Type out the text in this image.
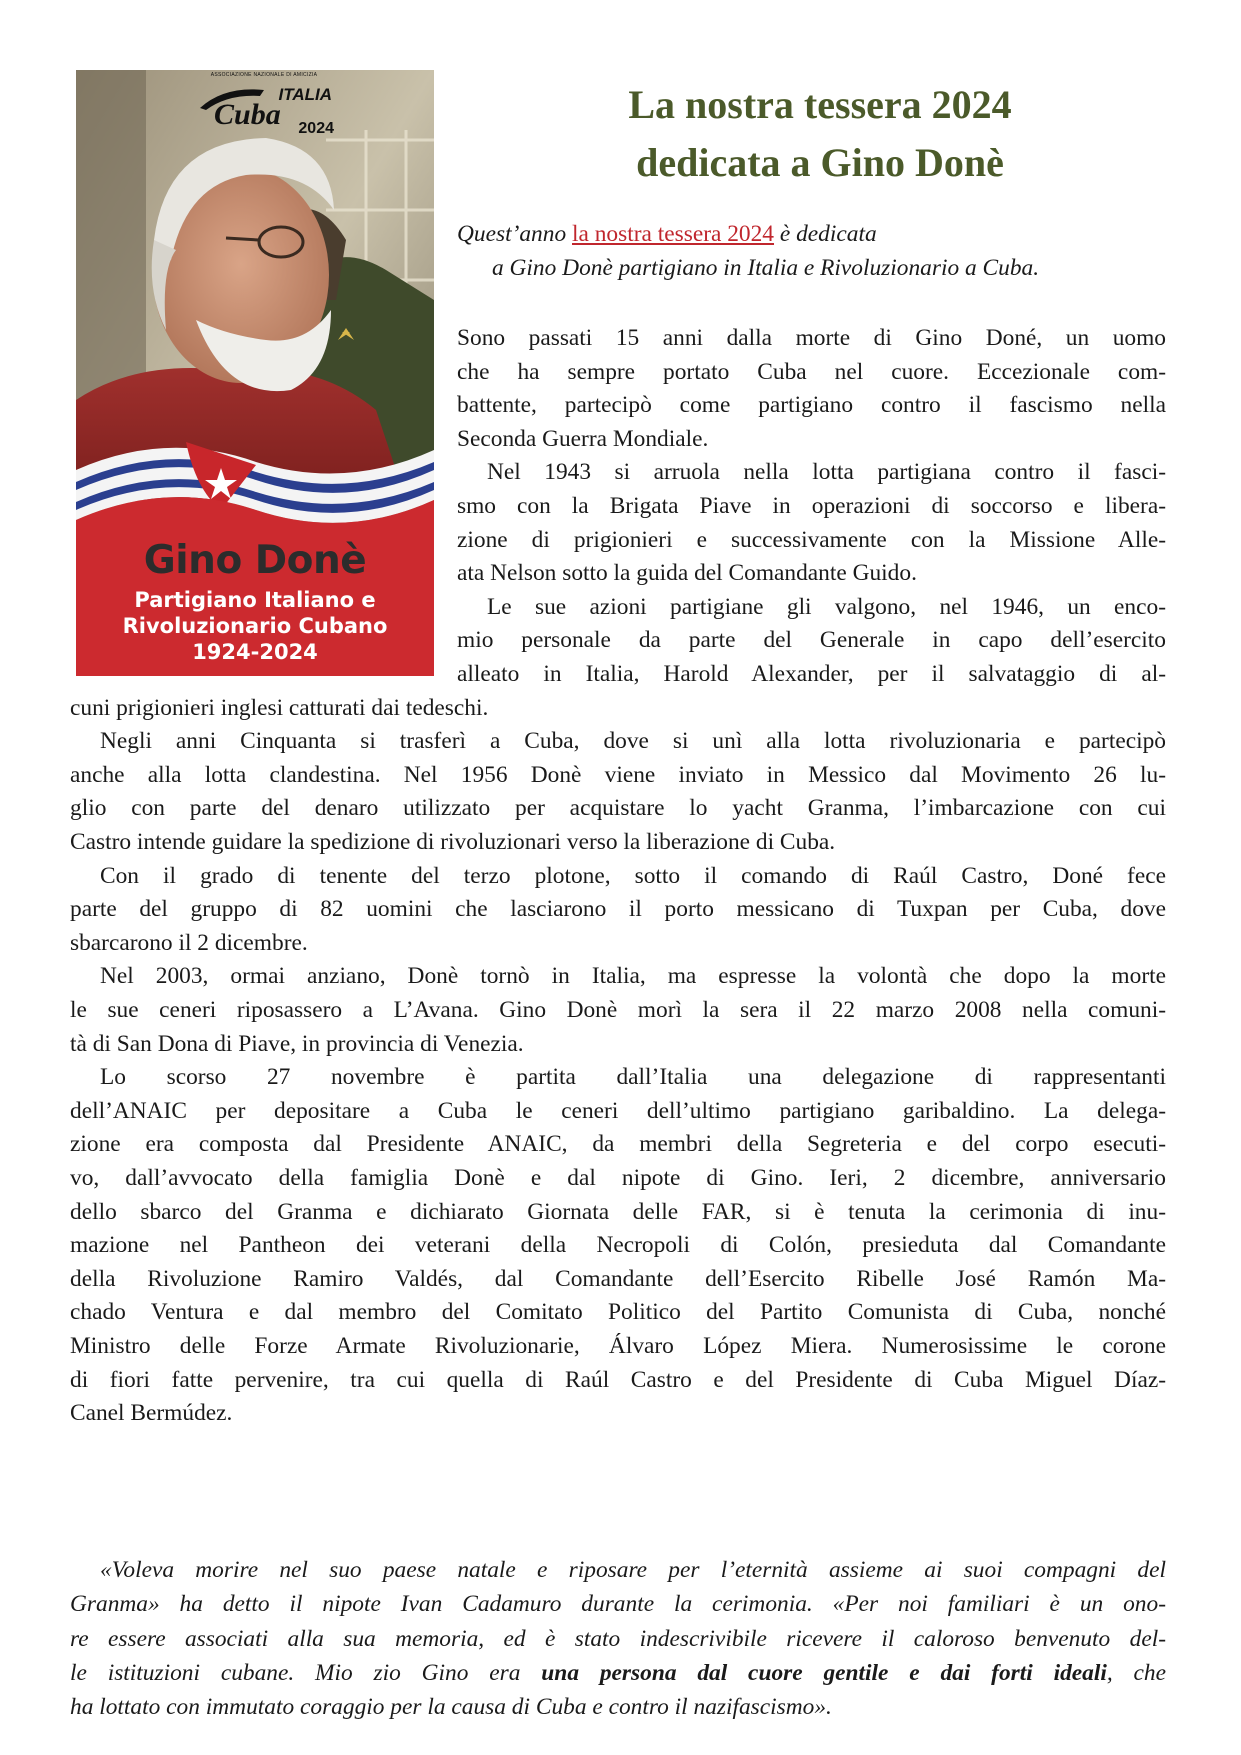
ASSOCIAZIONE NAZIONALE DI AMICIZIA
ITALIA
Cuba	2024
Gino Donè
Partigiano Italiano e
Rivoluzionario Cubano
1924-2024
La nostra tessera 2024
dedicata a Gino Donè

Quest’anno la nostra tessera 2024 è dedicata

a Gino Donè partigiano in Italia e Rivoluzionario a Cuba.

Sono passati 15 anni dalla morte di Gino Doné, un uomo

che ha sempre portato Cuba nel cuore. Eccezionale com-

battente, partecipò come partigiano contro il fascismo nella

Seconda Guerra Mondiale.

Nel 1943 si arruola nella lotta partigiana contro il fasci-

smo con la Brigata Piave in operazioni di soccorso e libera-

zione di prigionieri e successivamente con la Missione Alle-

ata Nelson sotto la guida del Comandante Guido.

Le sue azioni partigiane gli valgono, nel 1946, un enco-

mio personale da parte del Generale in capo dell’esercito

alleato in Italia, Harold Alexander, per il salvataggio di al-

cuni prigionieri inglesi catturati dai tedeschi.

Negli anni Cinquanta si trasferì a Cuba, dove si unì alla lotta rivoluzionaria e partecipò

anche alla lotta clandestina. Nel 1956 Donè viene inviato in Messico dal Movimento 26 lu-

glio con parte del denaro utilizzato per acquistare lo yacht Granma, l’imbarcazione con cui

Castro intende guidare la spedizione di rivoluzionari verso la liberazione di Cuba.

Con il grado di tenente del terzo plotone, sotto il comando di Raúl Castro, Doné fece

parte del gruppo di 82 uomini che lasciarono il porto messicano di Tuxpan per Cuba, dove

sbarcarono il 2 dicembre.

Nel 2003, ormai anziano, Donè tornò in Italia, ma espresse la volontà che dopo la morte

le sue ceneri riposassero a L’Avana. Gino Donè morì la sera il 22 marzo 2008 nella comuni-

tà di San Dona di Piave, in provincia di Venezia.

Lo scorso 27 novembre è partita dall’Italia una delegazione di rappresentanti

dell’ANAIC per depositare a Cuba le ceneri dell’ultimo partigiano garibaldino. La delega-

zione era composta dal Presidente ANAIC, da membri della Segreteria e del corpo esecuti-

vo, dall’avvocato della famiglia Donè e dal nipote di Gino. Ieri, 2 dicembre, anniversario

dello sbarco del Granma e dichiarato Giornata delle FAR, si è tenuta la cerimonia di inu-

mazione nel Pantheon dei veterani della Necropoli di Colón, presieduta dal Comandante

della Rivoluzione Ramiro Valdés, dal Comandante dell’Esercito Ribelle José Ramón Ma-

chado Ventura e dal membro del Comitato Politico del Partito Comunista di Cuba, nonché

Ministro delle Forze Armate Rivoluzionarie, Álvaro López Miera. Numerosissime le corone

di fiori fatte pervenire, tra cui quella di Raúl Castro e del Presidente di Cuba Miguel Díaz-

Canel Bermúdez.

«Voleva morire nel suo paese natale e riposare per l’eternità assieme ai suoi compagni del

Granma» ha detto il nipote Ivan Cadamuro durante la cerimonia. «Per noi familiari è un ono-

re essere associati alla sua memoria, ed è stato indescrivibile ricevere il caloroso benvenuto del-

le istituzioni cubane. Mio zio Gino era una persona dal cuore gentile e dai forti ideali, che

ha lottato con immutato coraggio per la causa di Cuba e contro il nazifascismo».
